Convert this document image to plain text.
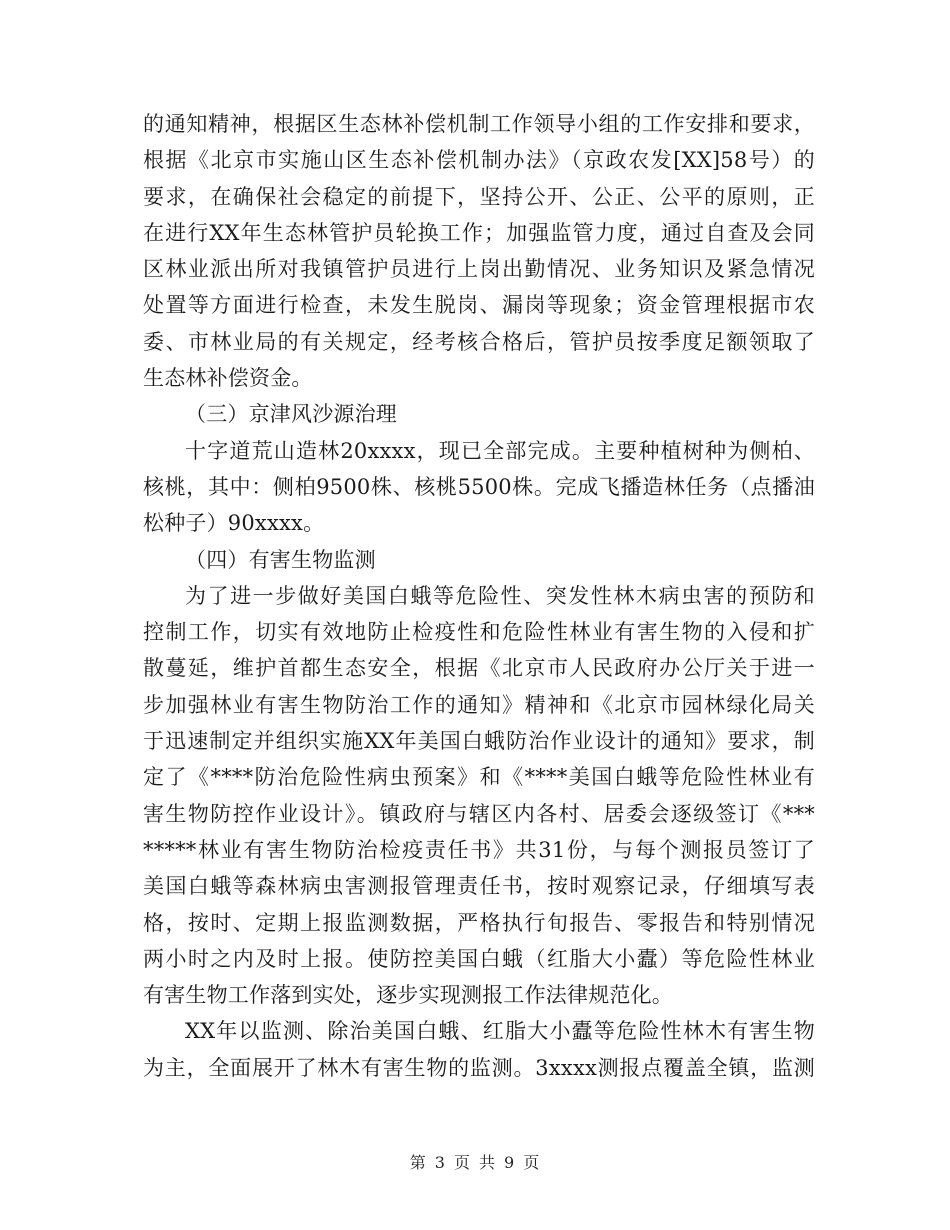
的通知精神，根据区生态林补偿机制工作领导小组的工作安排和要求，
根据《北京市实施山区生态补偿机制办法》（京政农发[XX]58号）的
要求，在确保社会稳定的前提下，坚持公开、公正、公平的原则，正
在进行XX年生态林管护员轮换工作；加强监管力度，通过自查及会同
区林业派出所对我镇管护员进行上岗出勤情况、业务知识及紧急情况
处置等方面进行检查，未发生脱岗、漏岗等现象；资金管理根据市农
委、市林业局的有关规定，经考核合格后，管护员按季度足额领取了
生态林补偿资金。
（三）京津风沙源治理
十字道荒山造林20xxxx，现已全部完成。主要种植树种为侧柏、
核桃，其中：侧柏9500株、核桃5500株。完成飞播造林任务（点播油
松种子）90xxxx。
（四）有害生物监测
为了进一步做好美国白蛾等危险性、突发性林木病虫害的预防和
控制工作，切实有效地防止检疫性和危险性林业有害生物的入侵和扩
散蔓延，维护首都生态安全，根据《北京市人民政府办公厅关于进一
步加强林业有害生物防治工作的通知》精神和《北京市园林绿化局关
于迅速制定并组织实施XX年美国白蛾防治作业设计的通知》要求，制
定了《****防治危险性病虫预案》和《****美国白蛾等危险性林业有
害生物防控作业设计》。镇政府与辖区内各村、居委会逐级签订《***
*****林业有害生物防治检疫责任书》共31份，与每个测报员签订了
美国白蛾等森林病虫害测报管理责任书，按时观察记录，仔细填写表
格，按时、定期上报监测数据，严格执行旬报告、零报告和特别情况
两小时之内及时上报。使防控美国白蛾（红脂大小蠹）等危险性林业
有害生物工作落到实处，逐步实现测报工作法律规范化。
XX年以监测、除治美国白蛾、红脂大小蠹等危险性林木有害生物
为主，全面展开了林木有害生物的监测。3xxxx测报点覆盖全镇，监测
第 3 页 共 9 页
